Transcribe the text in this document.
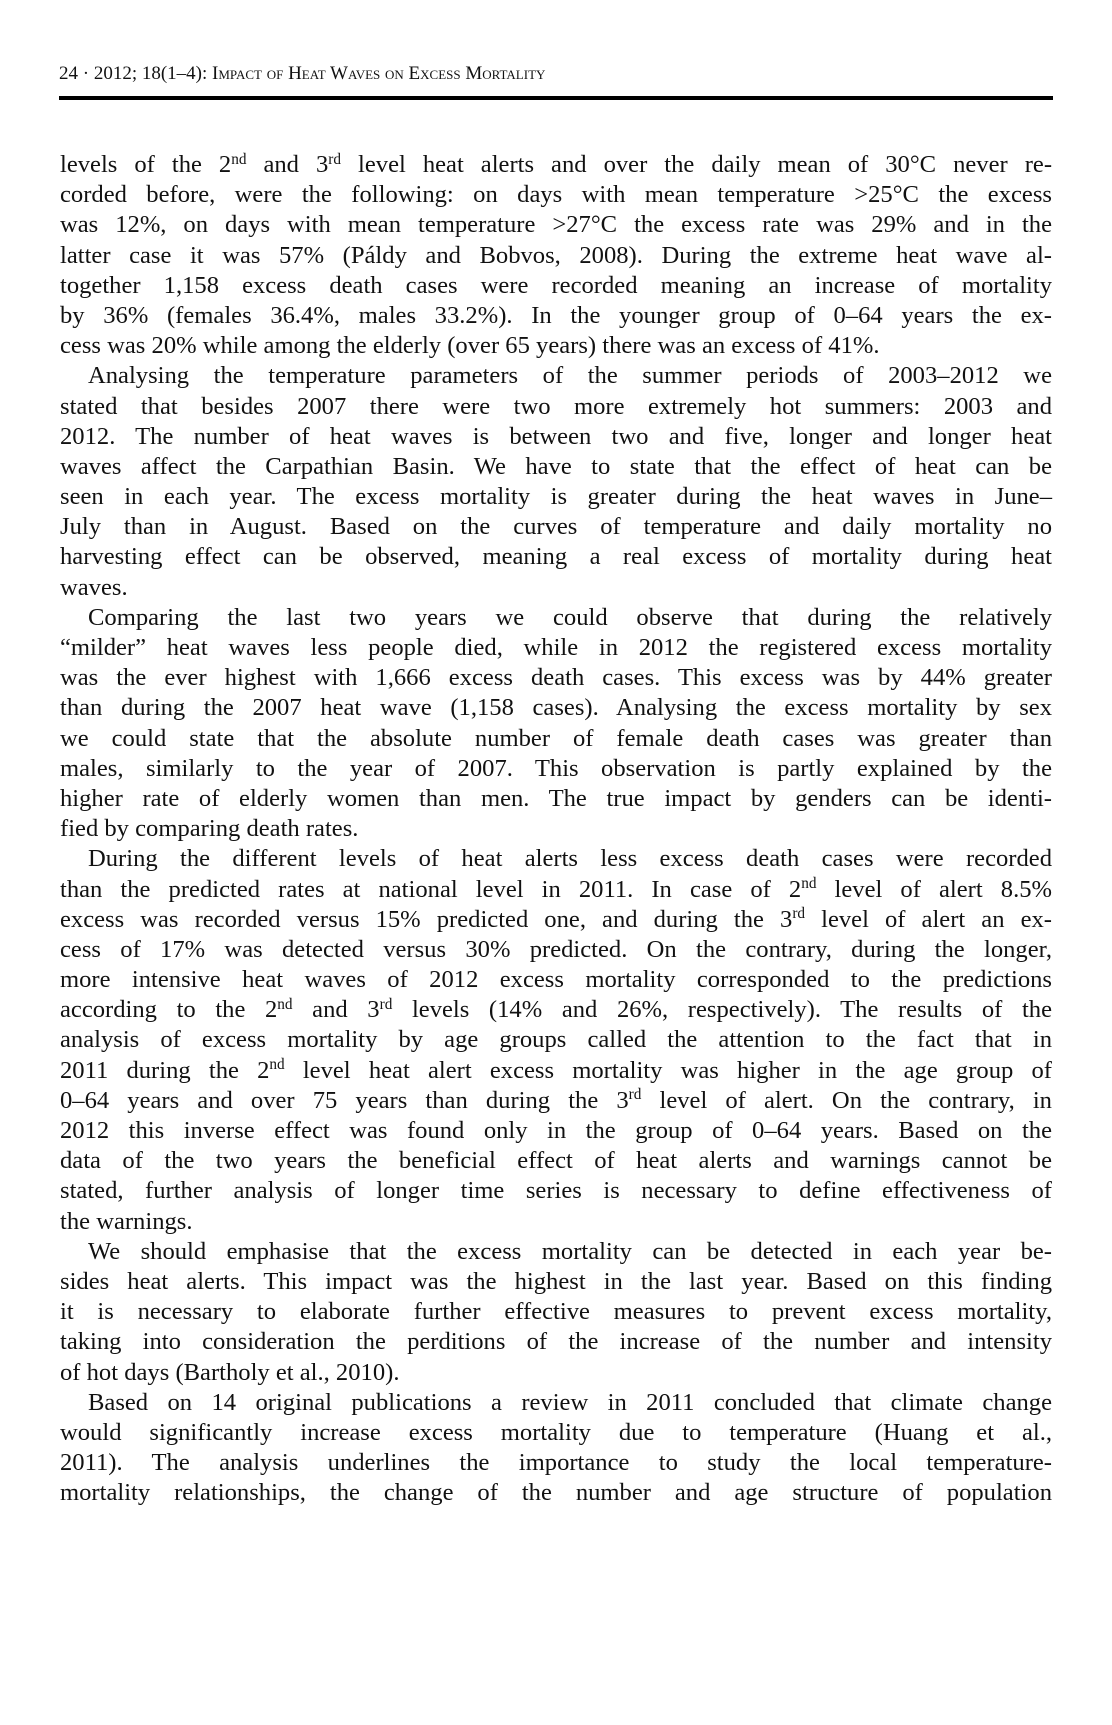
24 · 2012; 18(1–4): Impact of Heat Waves on Excess Mortality
levels of the 2nd and 3rd level heat alerts and over the daily mean of 30°C never re-
corded before, were the following: on days with mean temperature >25°C the excess
was 12%, on days with mean temperature >27°C the excess rate was 29% and in the
latter case it was 57% (Páldy and Bobvos, 2008). During the extreme heat wave al-
together 1,158 excess death cases were recorded meaning an increase of mortality
by 36% (females 36.4%, males 33.2%). In the younger group of 0–64 years the ex-
cess was 20% while among the elderly (over 65 years) there was an excess of 41%.
Analysing the temperature parameters of the summer periods of 2003–2012 we
stated that besides 2007 there were two more extremely hot summers: 2003 and
2012. The number of heat waves is between two and five, longer and longer heat
waves affect the Carpathian Basin. We have to state that the effect of heat can be
seen in each year. The excess mortality is greater during the heat waves in June–
July than in August. Based on the curves of temperature and daily mortality no
harvesting effect can be observed, meaning a real excess of mortality during heat
waves.
Comparing the last two years we could observe that during the relatively
“milder” heat waves less people died, while in 2012 the registered excess mortality
was the ever highest with 1,666 excess death cases. This excess was by 44% greater
than during the 2007 heat wave (1,158 cases). Analysing the excess mortality by sex
we could state that the absolute number of female death cases was greater than
males, similarly to the year of 2007. This observation is partly explained by the
higher rate of elderly women than men. The true impact by genders can be identi-
fied by comparing death rates.
During the different levels of heat alerts less excess death cases were recorded
than the predicted rates at national level in 2011. In case of 2nd level of alert 8.5%
excess was recorded versus 15% predicted one, and during the 3rd level of alert an ex-
cess of 17% was detected versus 30% predicted. On the contrary, during the longer,
more intensive heat waves of 2012 excess mortality corresponded to the predictions
according to the 2nd and 3rd levels (14% and 26%, respectively). The results of the
analysis of excess mortality by age groups called the attention to the fact that in
2011 during the 2nd level heat alert excess mortality was higher in the age group of
0–64 years and over 75 years than during the 3rd level of alert. On the contrary, in
2012 this inverse effect was found only in the group of 0–64 years. Based on the
data of the two years the beneficial effect of heat alerts and warnings cannot be
stated, further analysis of longer time series is necessary to define effectiveness of
the warnings.
We should emphasise that the excess mortality can be detected in each year be-
sides heat alerts. This impact was the highest in the last year. Based on this finding
it is necessary to elaborate further effective measures to prevent excess mortality,
taking into consideration the perditions of the increase of the number and intensity
of hot days (Bartholy et al., 2010).
Based on 14 original publications a review in 2011 concluded that climate change
would significantly increase excess mortality due to temperature (Huang et al.,
2011). The analysis underlines the importance to study the local temperature-
mortality relationships, the change of the number and age structure of population
